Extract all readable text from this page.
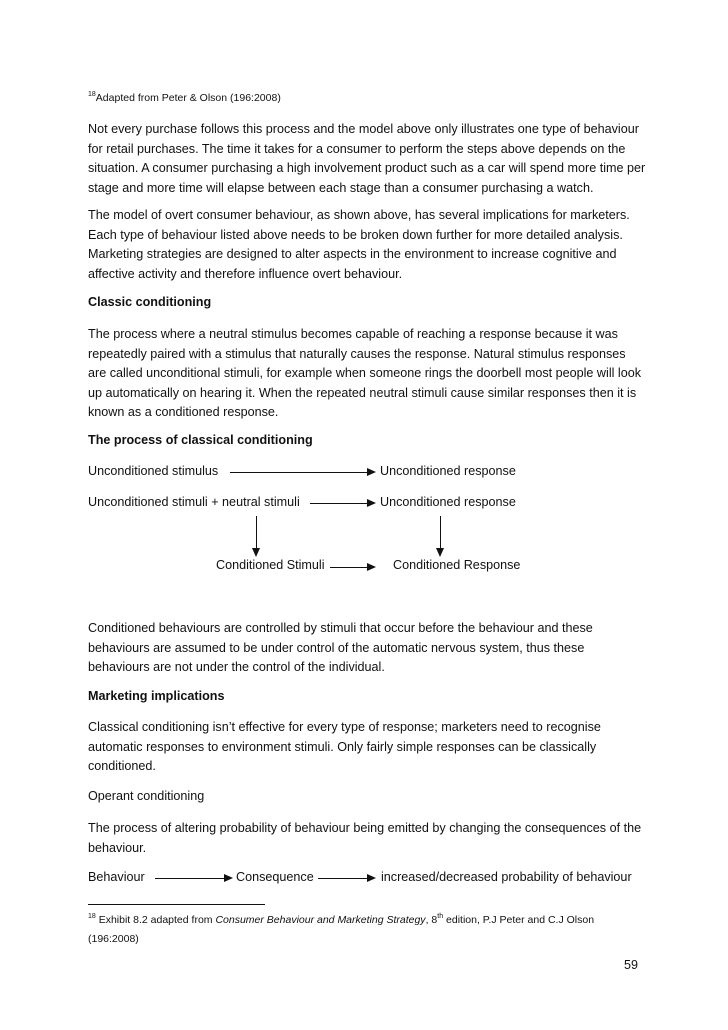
$^{18}$Adapted from Peter & Olson (196:2008)
Not every purchase follows this process and the model above only illustrates one type of behaviour
for retail purchases. The time it takes for a consumer to perform the steps above depends on the
situation. A consumer purchasing a high involvement product such as a car will spend more time per
stage and more time will elapse between each stage than a consumer purchasing a watch.
The model of overt consumer behaviour, as shown above, has several implications for marketers.
Each type of behaviour listed above needs to be broken down further for more detailed analysis.
Marketing strategies are designed to alter aspects in the environment to increase cognitive and
affective activity and therefore influence overt behaviour.
Classic conditioning
The process where a neutral stimulus becomes capable of reaching a response because it was
repeatedly paired with a stimulus that naturally causes the response. Natural stimulus responses
are called unconditional stimuli, for example when someone rings the doorbell most people will look
up automatically on hearing it. When the repeated neutral stimuli cause similar responses then it is
known as a conditioned response.
The process of classical conditioning
Unconditioned stimulus	Unconditioned response
Unconditioned stimuli + neutral stimuli	Unconditioned response
Conditioned Stimuli	Conditioned Response
Conditioned behaviours are controlled by stimuli that occur before the behaviour and these
behaviours are assumed to be under control of the automatic nervous system, thus these
behaviours are not under the control of the individual.
Marketing implications
Classical conditioning isn’t effective for every type of response; marketers need to recognise
automatic responses to environment stimuli. Only fairly simple responses can be classically
conditioned.
Operant conditioning
The process of altering probability of behaviour being emitted by changing the consequences of the
behaviour.
Behaviour	Consequence	increased/decreased probability of behaviour
$^{18}$ Exhibit 8.2 adapted from Consumer Behaviour and Marketing Strategy, 8th edition, P.J Peter and C.J Olson
(196:2008)
59
